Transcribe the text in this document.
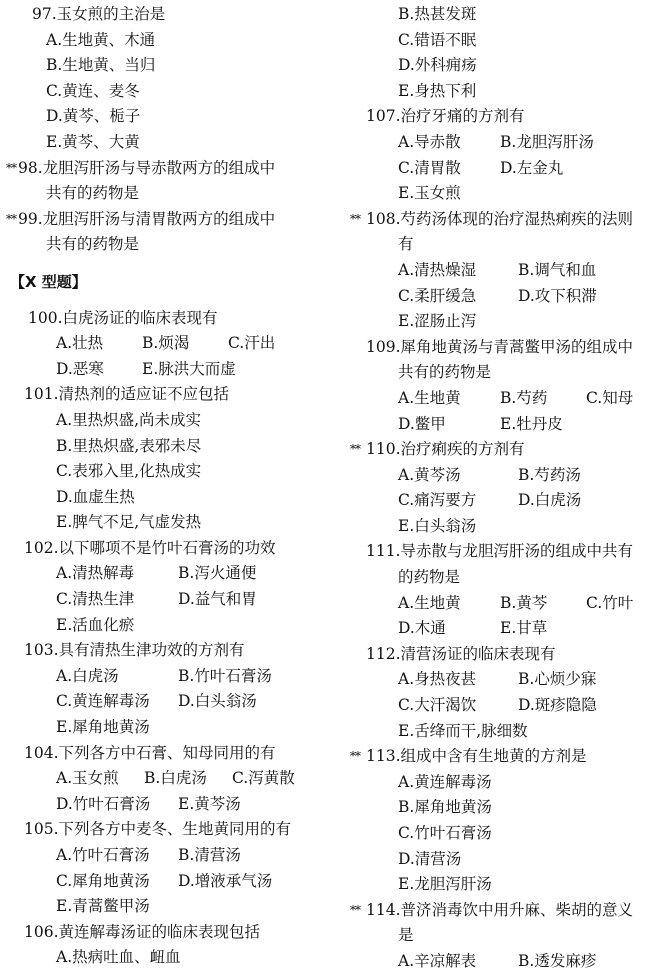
97.玉女煎的主治是
A.生地黄、木通
B.生地黄、当归
C.黄连、麦冬
D.黄芩、栀子
E.黄芩、大黄
** 98.龙胆泻肝汤与导赤散两方的组成中
共有的药物是
** 99.龙胆泻肝汤与清胃散两方的组成中
共有的药物是
【X 型题】
100.白虎汤证的临床表现有
A.壮热	B.烦渴	C.汗出
D.恶寒	E.脉洪大而虚
101.清热剂的适应证不应包括
A.里热炽盛,尚未成实
B.里热炽盛,表邪未尽
C.表邪入里,化热成实
D.血虚生热
E.脾气不足,气虚发热
102.以下哪项不是竹叶石膏汤的功效
A.清热解毒	B.泻火通便
C.清热生津	D.益气和胃
E.活血化瘀
103.具有清热生津功效的方剂有
A.白虎汤	B.竹叶石膏汤
C.黄连解毒汤	D.白头翁汤
E.犀角地黄汤
104.下列各方中石膏、知母同用的有
A.玉女煎	B.白虎汤	C.泻黄散
D.竹叶石膏汤	E.黄芩汤
105.下列各方中麦冬、生地黄同用的有
A.竹叶石膏汤	B.清营汤
C.犀角地黄汤	D.增液承气汤
E.青蒿鳖甲汤
106.黄连解毒汤证的临床表现包括
A.热病吐血、衄血
B.热甚发斑
C.错语不眠
D.外科痈疡
E.身热下利
107.治疗牙痛的方剂有
A.导赤散	B.龙胆泻肝汤
C.清胃散	D.左金丸
E.玉女煎
** 108.芍药汤体现的治疗湿热痢疾的法则
有
A.清热燥湿	B.调气和血
C.柔肝缓急	D.攻下积滞
E.涩肠止泻
109.犀角地黄汤与青蒿鳖甲汤的组成中
共有的药物是
A.生地黄	B.芍药	C.知母
D.鳖甲	E.牡丹皮
** 110.治疗痢疾的方剂有
A.黄芩汤	B.芍药汤
C.痛泻要方	D.白虎汤
E.白头翁汤
111.导赤散与龙胆泻肝汤的组成中共有
的药物是
A.生地黄	B.黄芩	C.竹叶
D.木通	E.甘草
112.清营汤证的临床表现有
A.身热夜甚	B.心烦少寐
C.大汗渴饮	D.斑疹隐隐
E.舌绛而干,脉细数
** 113.组成中含有生地黄的方剂是
A.黄连解毒汤
B.犀角地黄汤
C.竹叶石膏汤
D.清营汤
E.龙胆泻肝汤
** 114.普济消毒饮中用升麻、柴胡的意义
是
A.辛凉解表	B.透发麻疹
